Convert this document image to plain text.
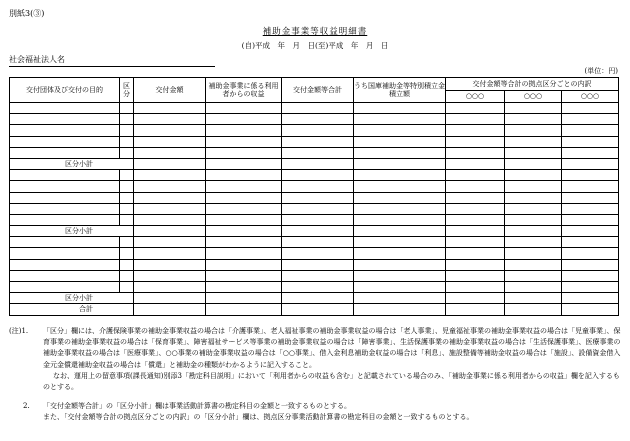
別紙3(③)
補助金事業等収益明細書
(自)平成　年　月　日(至)平成　年　月　日
社会福祉法人名
(単位：円)
交付団体及び交付の目的	区分	交付金額	補助金事業に係る利用者からの収益	交付金額等合計	うち国庫補助金等特別積立金積立額	交付金額等合計の拠点区分ごとの内訳		
						○○○	○○○	○○○

区分小計								

区分小計								

区分小計								
合計								
(注)1.	「区分」欄には、介護保険事業の補助金事業収益の場合は「介護事業」、老人福祉事業の補助金事業収益の場合は「老人事業」、児童福祉事業の補助金事業収益の場合は「児童事業」、保育事業の補助金事業収益の場合は「保育事業」、障害福祉サービス等事業の補助金事業収益の場合は「障害事業」、生活保護事業の補助金事業収益の場合は「生活保護事業」、医療事業の補助金事業収益の場合は「医療事業」、○○事業の補助金事業収益の場合は「○○事業」、借入金利息補助金収益の場合は「利息」、施設整備等補助金収益の場合は「施設」、設備資金借入金元金償還補助金収益の場合は「償還」と補助金の種類がわかるように記入すること。
なお、運用上の留意事項(課長通知)別添3「勘定科目説明」において「利用者からの収益も含む」と記載されている場合のみ、「補助金事業に係る利用者からの収益」欄を記入するものとする。
2.	「交付金額等合計」の「区分小計」欄は事業活動計算書の勘定科目の金額と一致するものとする。
また、「交付金額等合計の拠点区分ごとの内訳」の「区分小計」欄は、拠点区分事業活動計算書の勘定科目の金額と一致するものとする。
